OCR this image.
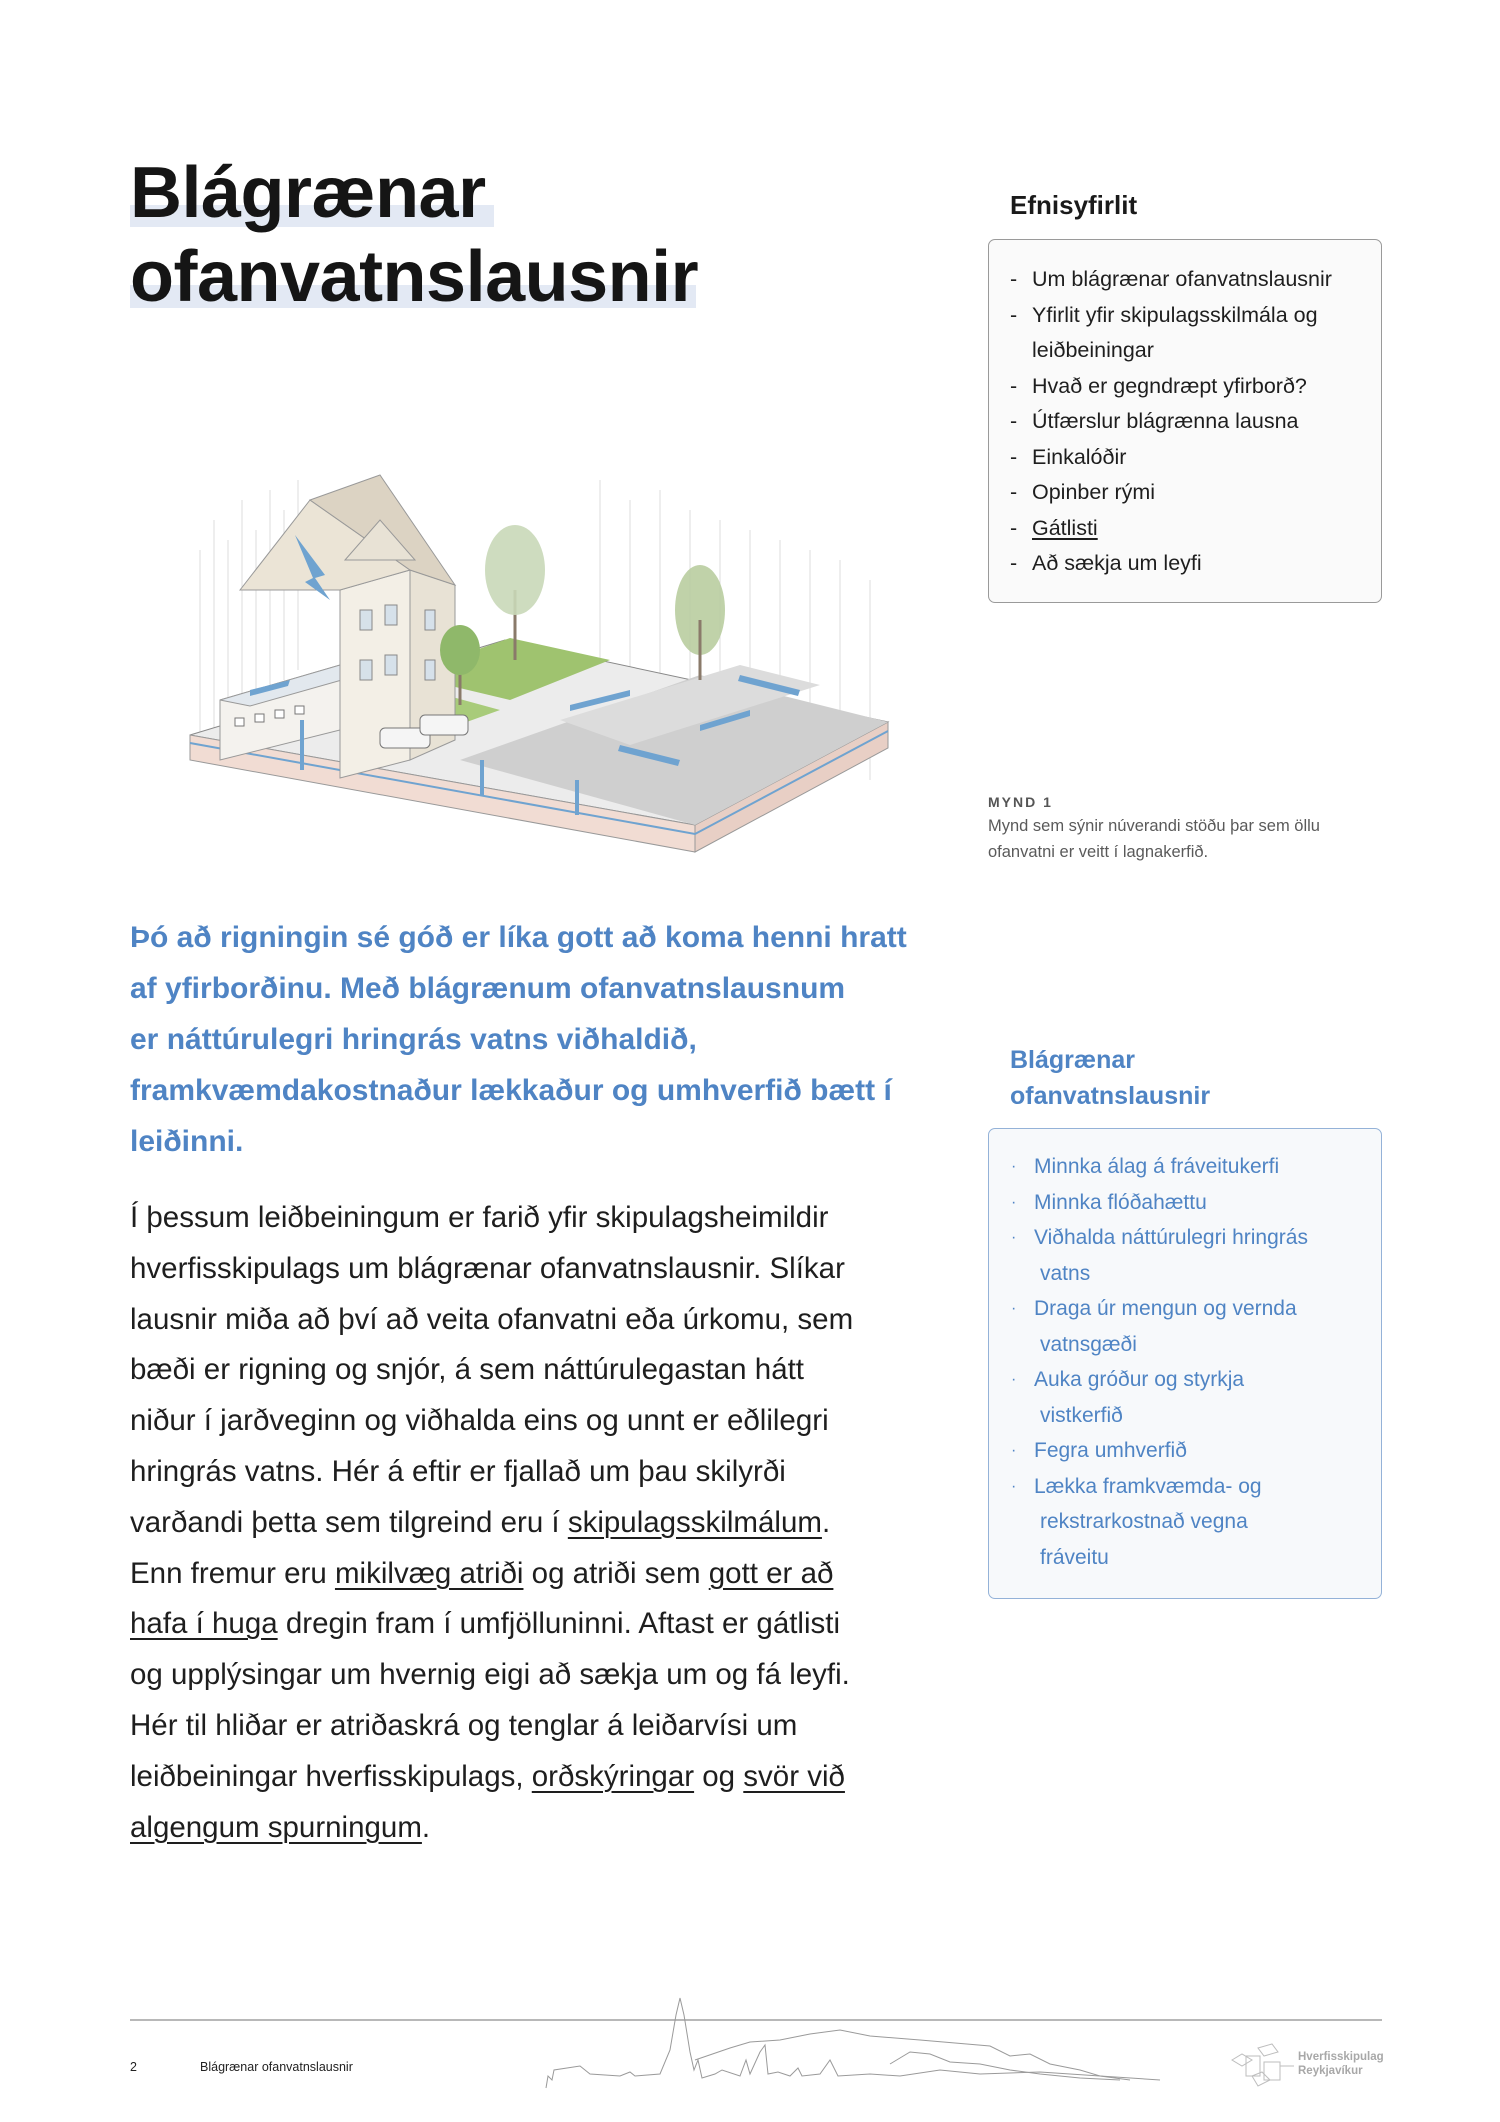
Blágrænar
ofanvatnslausnir
Efnisyfirlit
- Um blágrænar ofanvatnslausnir
- Yfirlit yfir skipulagsskilmála og
leiðbeiningar
- Hvað er gegndræpt yfirborð?
- Útfærslur blágrænna lausna
- Einkalóðir
- Opinber rými
- Gátlisti
- Að sækja um leyfi
MYND 1
Mynd sem sýnir núverandi stöðu þar sem öllu ofanvatni er veitt í lagnakerfið.
Þó að rigningin sé góð er líka gott að koma henni hratt
af yfirborðinu. Með blágrænum ofanvatnslausnum
er náttúrulegri hringrás vatns viðhaldið,
framkvæmdakostnaður lækkaður og umhverfið bætt í
leiðinni.
Í þessum leiðbeiningum er farið yfir skipulagsheimildir
hverfisskipulags um blágrænar ofanvatnslausnir. Slíkar
lausnir miða að því að veita ofanvatni eða úrkomu, sem
bæði er rigning og snjór, á sem náttúrulegastan hátt
niður í jarðveginn og viðhalda eins og unnt er eðlilegri
hringrás vatns. Hér á eftir er fjallað um þau skilyrði
varðandi þetta sem tilgreind eru í skipulagsskilmálum.
Enn fremur eru mikilvæg atriði og atriði sem gott er að
hafa í huga dregin fram í umfjölluninni. Aftast er gátlisti
og upplýsingar um hvernig eigi að sækja um og fá leyfi.
Hér til hliðar er atriðaskrá og tenglar á leiðarvísi um
leiðbeiningar hverfisskipulags, orðskýringar og svör við
algengum spurningum.
Blágrænar
ofanvatnslausnir
· Minnka álag á fráveitukerfi
· Minnka flóðahættu
· Viðhalda náttúrulegri hringrás
vatns
· Draga úr mengun og vernda
vatnsgæði
· Auka gróður og styrkja
vistkerfið
· Fegra umhverfið
· Lækka framkvæmda- og
rekstrarkostnað vegna
fráveitu
2	Blágrænar ofanvatnslausnir
Hverfisskipulag
Reykjavíkur
